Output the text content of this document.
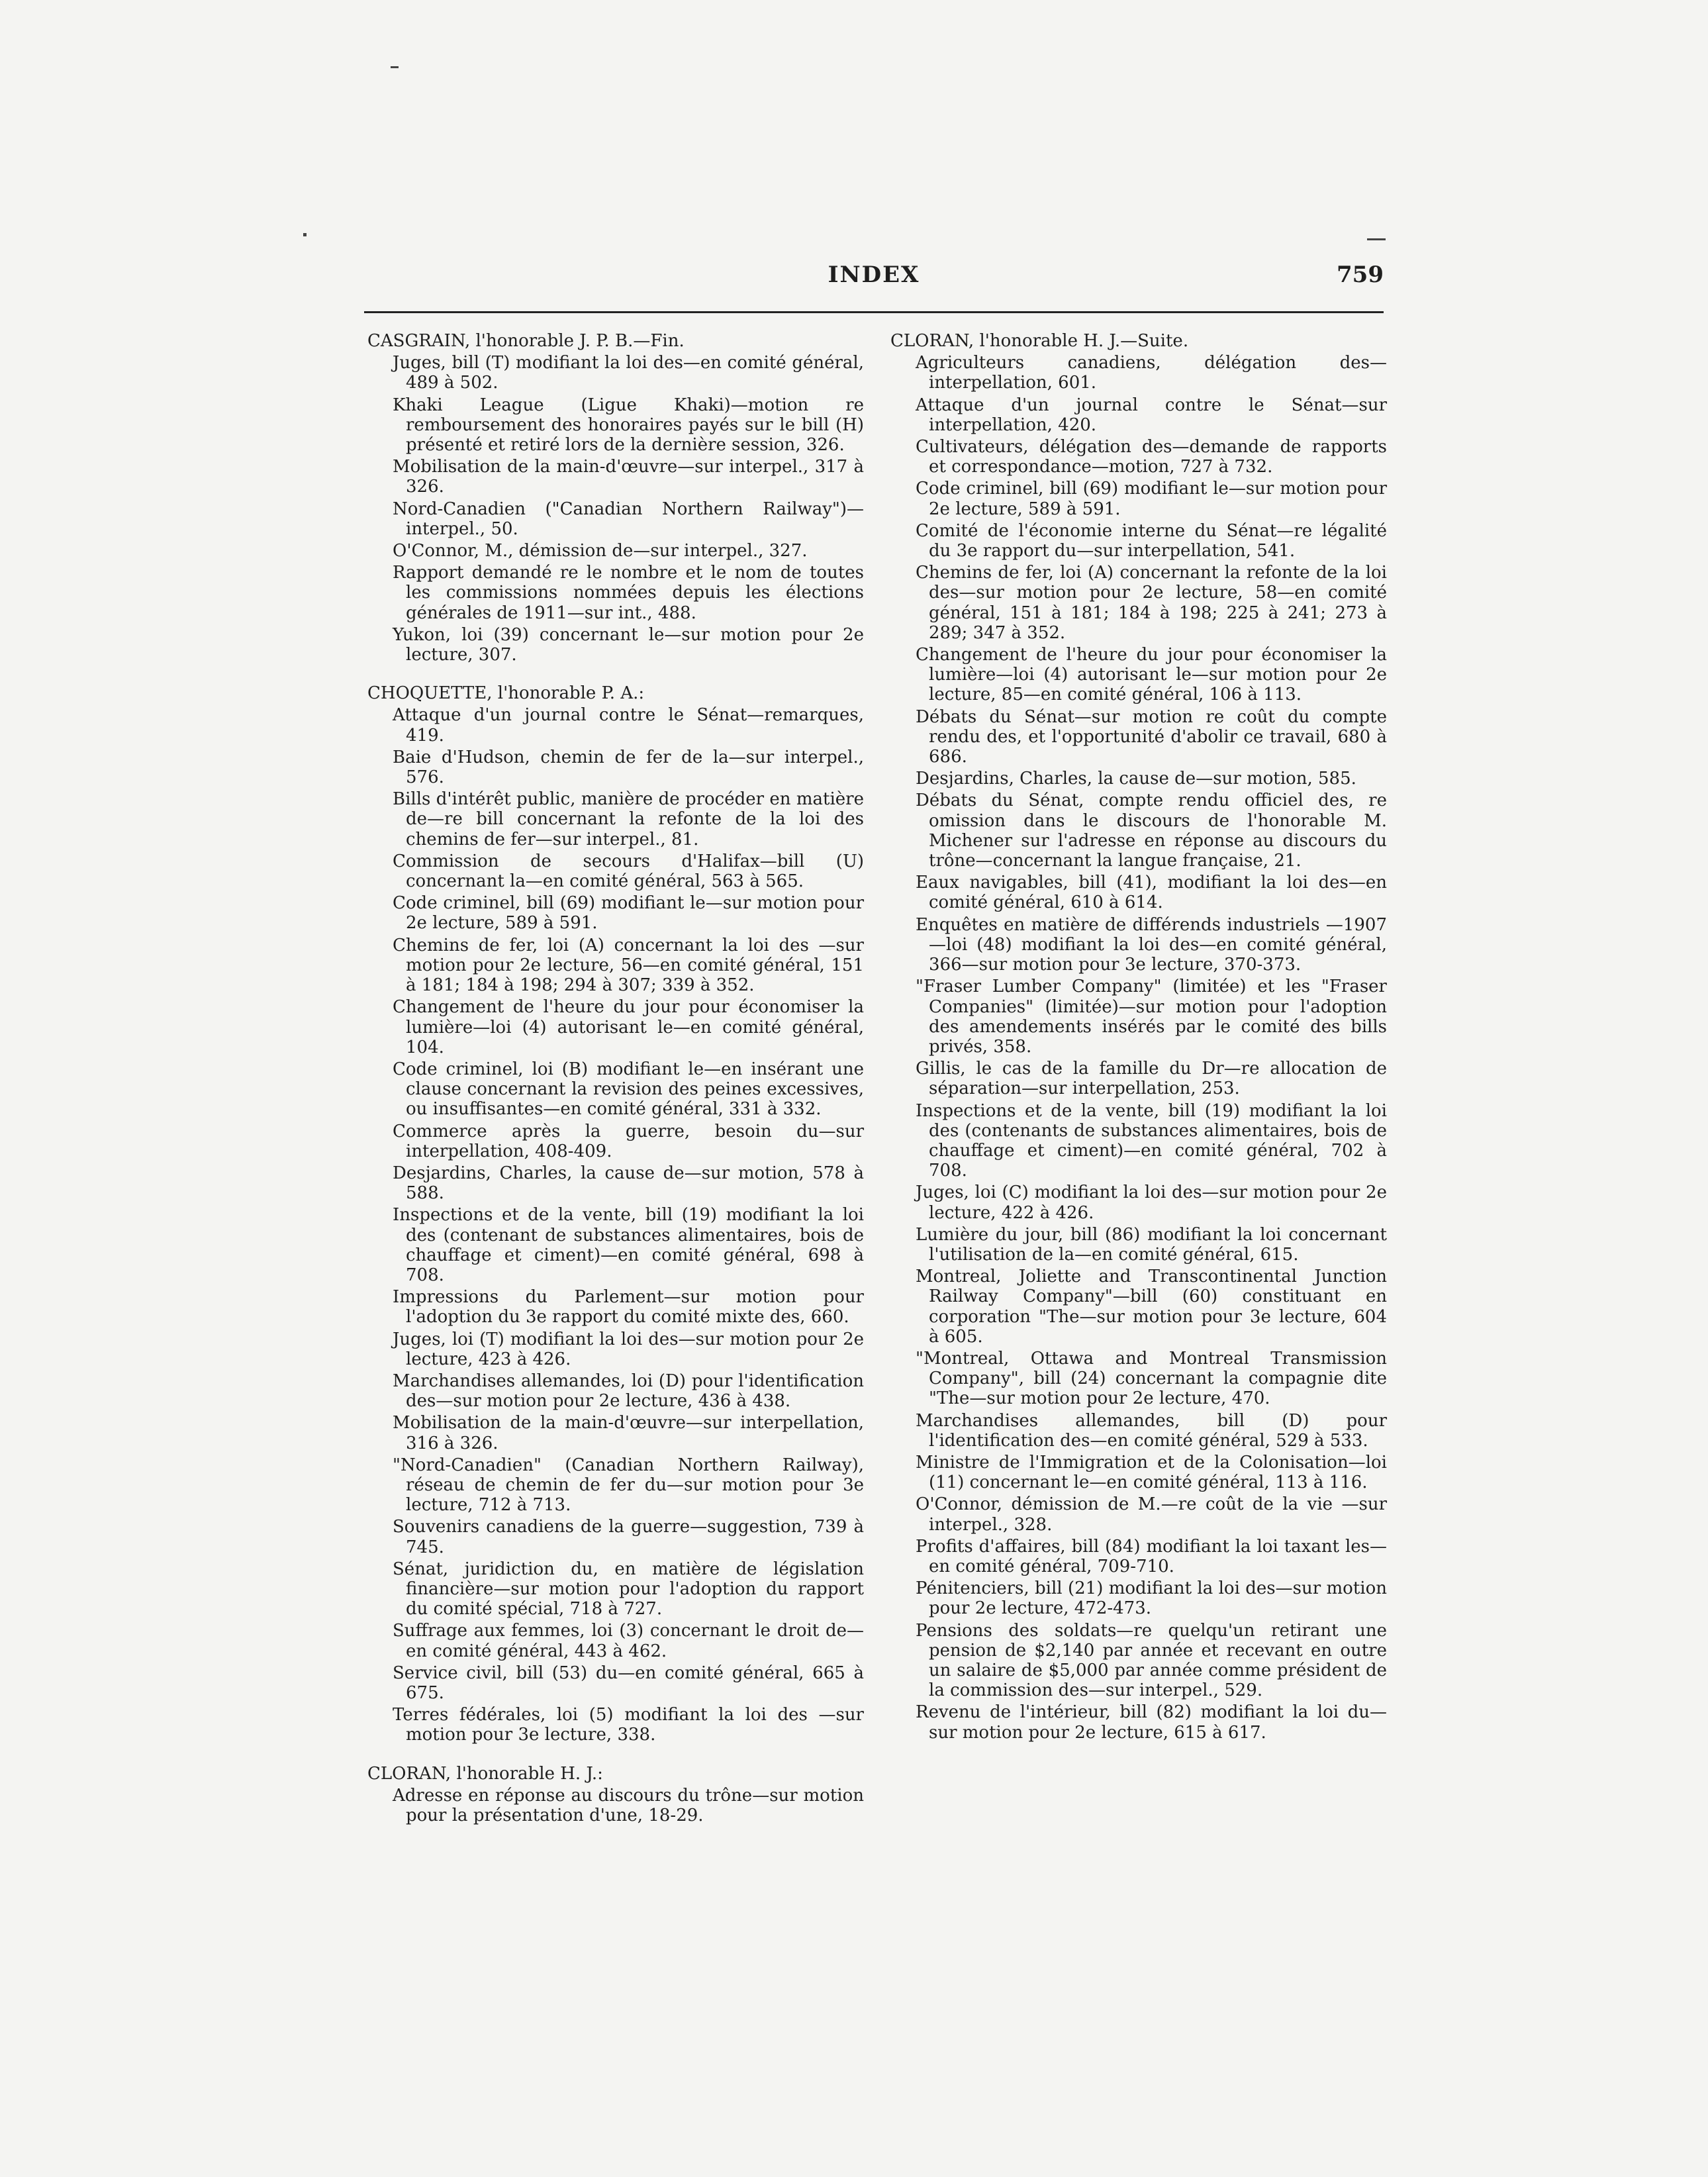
INDEX	759

CASGRAIN, l'honorable J. P. B.—Fin.

Juges, bill (T) modifiant la loi des—en comité général, 489 à 502.

Khaki League (Ligue Khaki)—motion re remboursement des honoraires payés sur le bill (H) présenté et retiré lors de la dernière session, 326.

Mobilisation de la main-d'œuvre—sur interpel., 317 à 326.

Nord-Canadien ("Canadian Northern Railway")—interpel., 50.

O'Connor, M., démission de—sur interpel., 327.

Rapport demandé re le nombre et le nom de toutes les commissions nommées depuis les élections générales de 1911—sur int., 488.

Yukon, loi (39) concernant le—sur motion pour 2e lecture, 307.

CHOQUETTE, l'honorable P. A.:

Attaque d'un journal contre le Sénat—remarques, 419.

Baie d'Hudson, chemin de fer de la—sur interpel., 576.

Bills d'intérêt public, manière de procéder en matière de—re bill concernant la refonte de la loi des chemins de fer—sur interpel., 81.

Commission de secours d'Halifax—bill (U) concernant la—en comité général, 563 à 565.

Code criminel, bill (69) modifiant le—sur motion pour 2e lecture, 589 à 591.

Chemins de fer, loi (A) concernant la loi des —sur motion pour 2e lecture, 56—en comité général, 151 à 181; 184 à 198; 294 à 307; 339 à 352.

Changement de l'heure du jour pour économiser la lumière—loi (4) autorisant le—en comité général, 104.

Code criminel, loi (B) modifiant le—en insérant une clause concernant la revision des peines excessives, ou insuffisantes—en comité général, 331 à 332.

Commerce après la guerre, besoin du—sur interpellation, 408-409.

Desjardins, Charles, la cause de—sur motion, 578 à 588.

Inspections et de la vente, bill (19) modifiant la loi des (contenant de substances alimentaires, bois de chauffage et ciment)—en comité général, 698 à 708.

Impressions du Parlement—sur motion pour l'adoption du 3e rapport du comité mixte des, 660.

Juges, loi (T) modifiant la loi des—sur motion pour 2e lecture, 423 à 426.

Marchandises allemandes, loi (D) pour l'identification des—sur motion pour 2e lecture, 436 à 438.

Mobilisation de la main-d'œuvre—sur interpellation, 316 à 326.

"Nord-Canadien" (Canadian Northern Railway), réseau de chemin de fer du—sur motion pour 3e lecture, 712 à 713.

Souvenirs canadiens de la guerre—suggestion, 739 à 745.

Sénat, juridiction du, en matière de législation financière—sur motion pour l'adoption du rapport du comité spécial, 718 à 727.

Suffrage aux femmes, loi (3) concernant le droit de—en comité général, 443 à 462.

Service civil, bill (53) du—en comité général, 665 à 675.

Terres fédérales, loi (5) modifiant la loi des —sur motion pour 3e lecture, 338.

CLORAN, l'honorable H. J.:

Adresse en réponse au discours du trône—sur motion pour la présentation d'une, 18-29.

CLORAN, l'honorable H. J.—Suite.

Agriculteurs canadiens, délégation des—interpellation, 601.

Attaque d'un journal contre le Sénat—sur interpellation, 420.

Cultivateurs, délégation des—demande de rapports et correspondance—motion, 727 à 732.

Code criminel, bill (69) modifiant le—sur motion pour 2e lecture, 589 à 591.

Comité de l'économie interne du Sénat—re légalité du 3e rapport du—sur interpellation, 541.

Chemins de fer, loi (A) concernant la refonte de la loi des—sur motion pour 2e lecture, 58—en comité général, 151 à 181; 184 à 198; 225 à 241; 273 à 289; 347 à 352.

Changement de l'heure du jour pour économiser la lumière—loi (4) autorisant le—sur motion pour 2e lecture, 85—en comité général, 106 à 113.

Débats du Sénat—sur motion re coût du compte rendu des, et l'opportunité d'abolir ce travail, 680 à 686.

Desjardins, Charles, la cause de—sur motion, 585.

Débats du Sénat, compte rendu officiel des, re omission dans le discours de l'honorable M. Michener sur l'adresse en réponse au discours du trône—concernant la langue française, 21.

Eaux navigables, bill (41), modifiant la loi des—en comité général, 610 à 614.

Enquêtes en matière de différends industriels —1907—loi (48) modifiant la loi des—en comité général, 366—sur motion pour 3e lecture, 370-373.

"Fraser Lumber Company" (limitée) et les "Fraser Companies" (limitée)—sur motion pour l'adoption des amendements insérés par le comité des bills privés, 358.

Gillis, le cas de la famille du Dr—re allocation de séparation—sur interpellation, 253.

Inspections et de la vente, bill (19) modifiant la loi des (contenants de substances alimentaires, bois de chauffage et ciment)—en comité général, 702 à 708.

Juges, loi (C) modifiant la loi des—sur motion pour 2e lecture, 422 à 426.

Lumière du jour, bill (86) modifiant la loi concernant l'utilisation de la—en comité général, 615.

Montreal, Joliette and Transcontinental Junction Railway Company"—bill (60) constituant en corporation "The—sur motion pour 3e lecture, 604 à 605.

"Montreal, Ottawa and Montreal Transmission Company", bill (24) concernant la compagnie dite "The—sur motion pour 2e lecture, 470.

Marchandises allemandes, bill (D) pour l'identification des—en comité général, 529 à 533.

Ministre de l'Immigration et de la Colonisation—loi (11) concernant le—en comité général, 113 à 116.

O'Connor, démission de M.—re coût de la vie —sur interpel., 328.

Profits d'affaires, bill (84) modifiant la loi taxant les—en comité général, 709-710.

Pénitenciers, bill (21) modifiant la loi des—sur motion pour 2e lecture, 472-473.

Pensions des soldats—re quelqu'un retirant une pension de $2,140 par année et recevant en outre un salaire de $5,000 par année comme président de la commission des—sur interpel., 529.

Revenu de l'intérieur, bill (82) modifiant la loi du—sur motion pour 2e lecture, 615 à 617.
